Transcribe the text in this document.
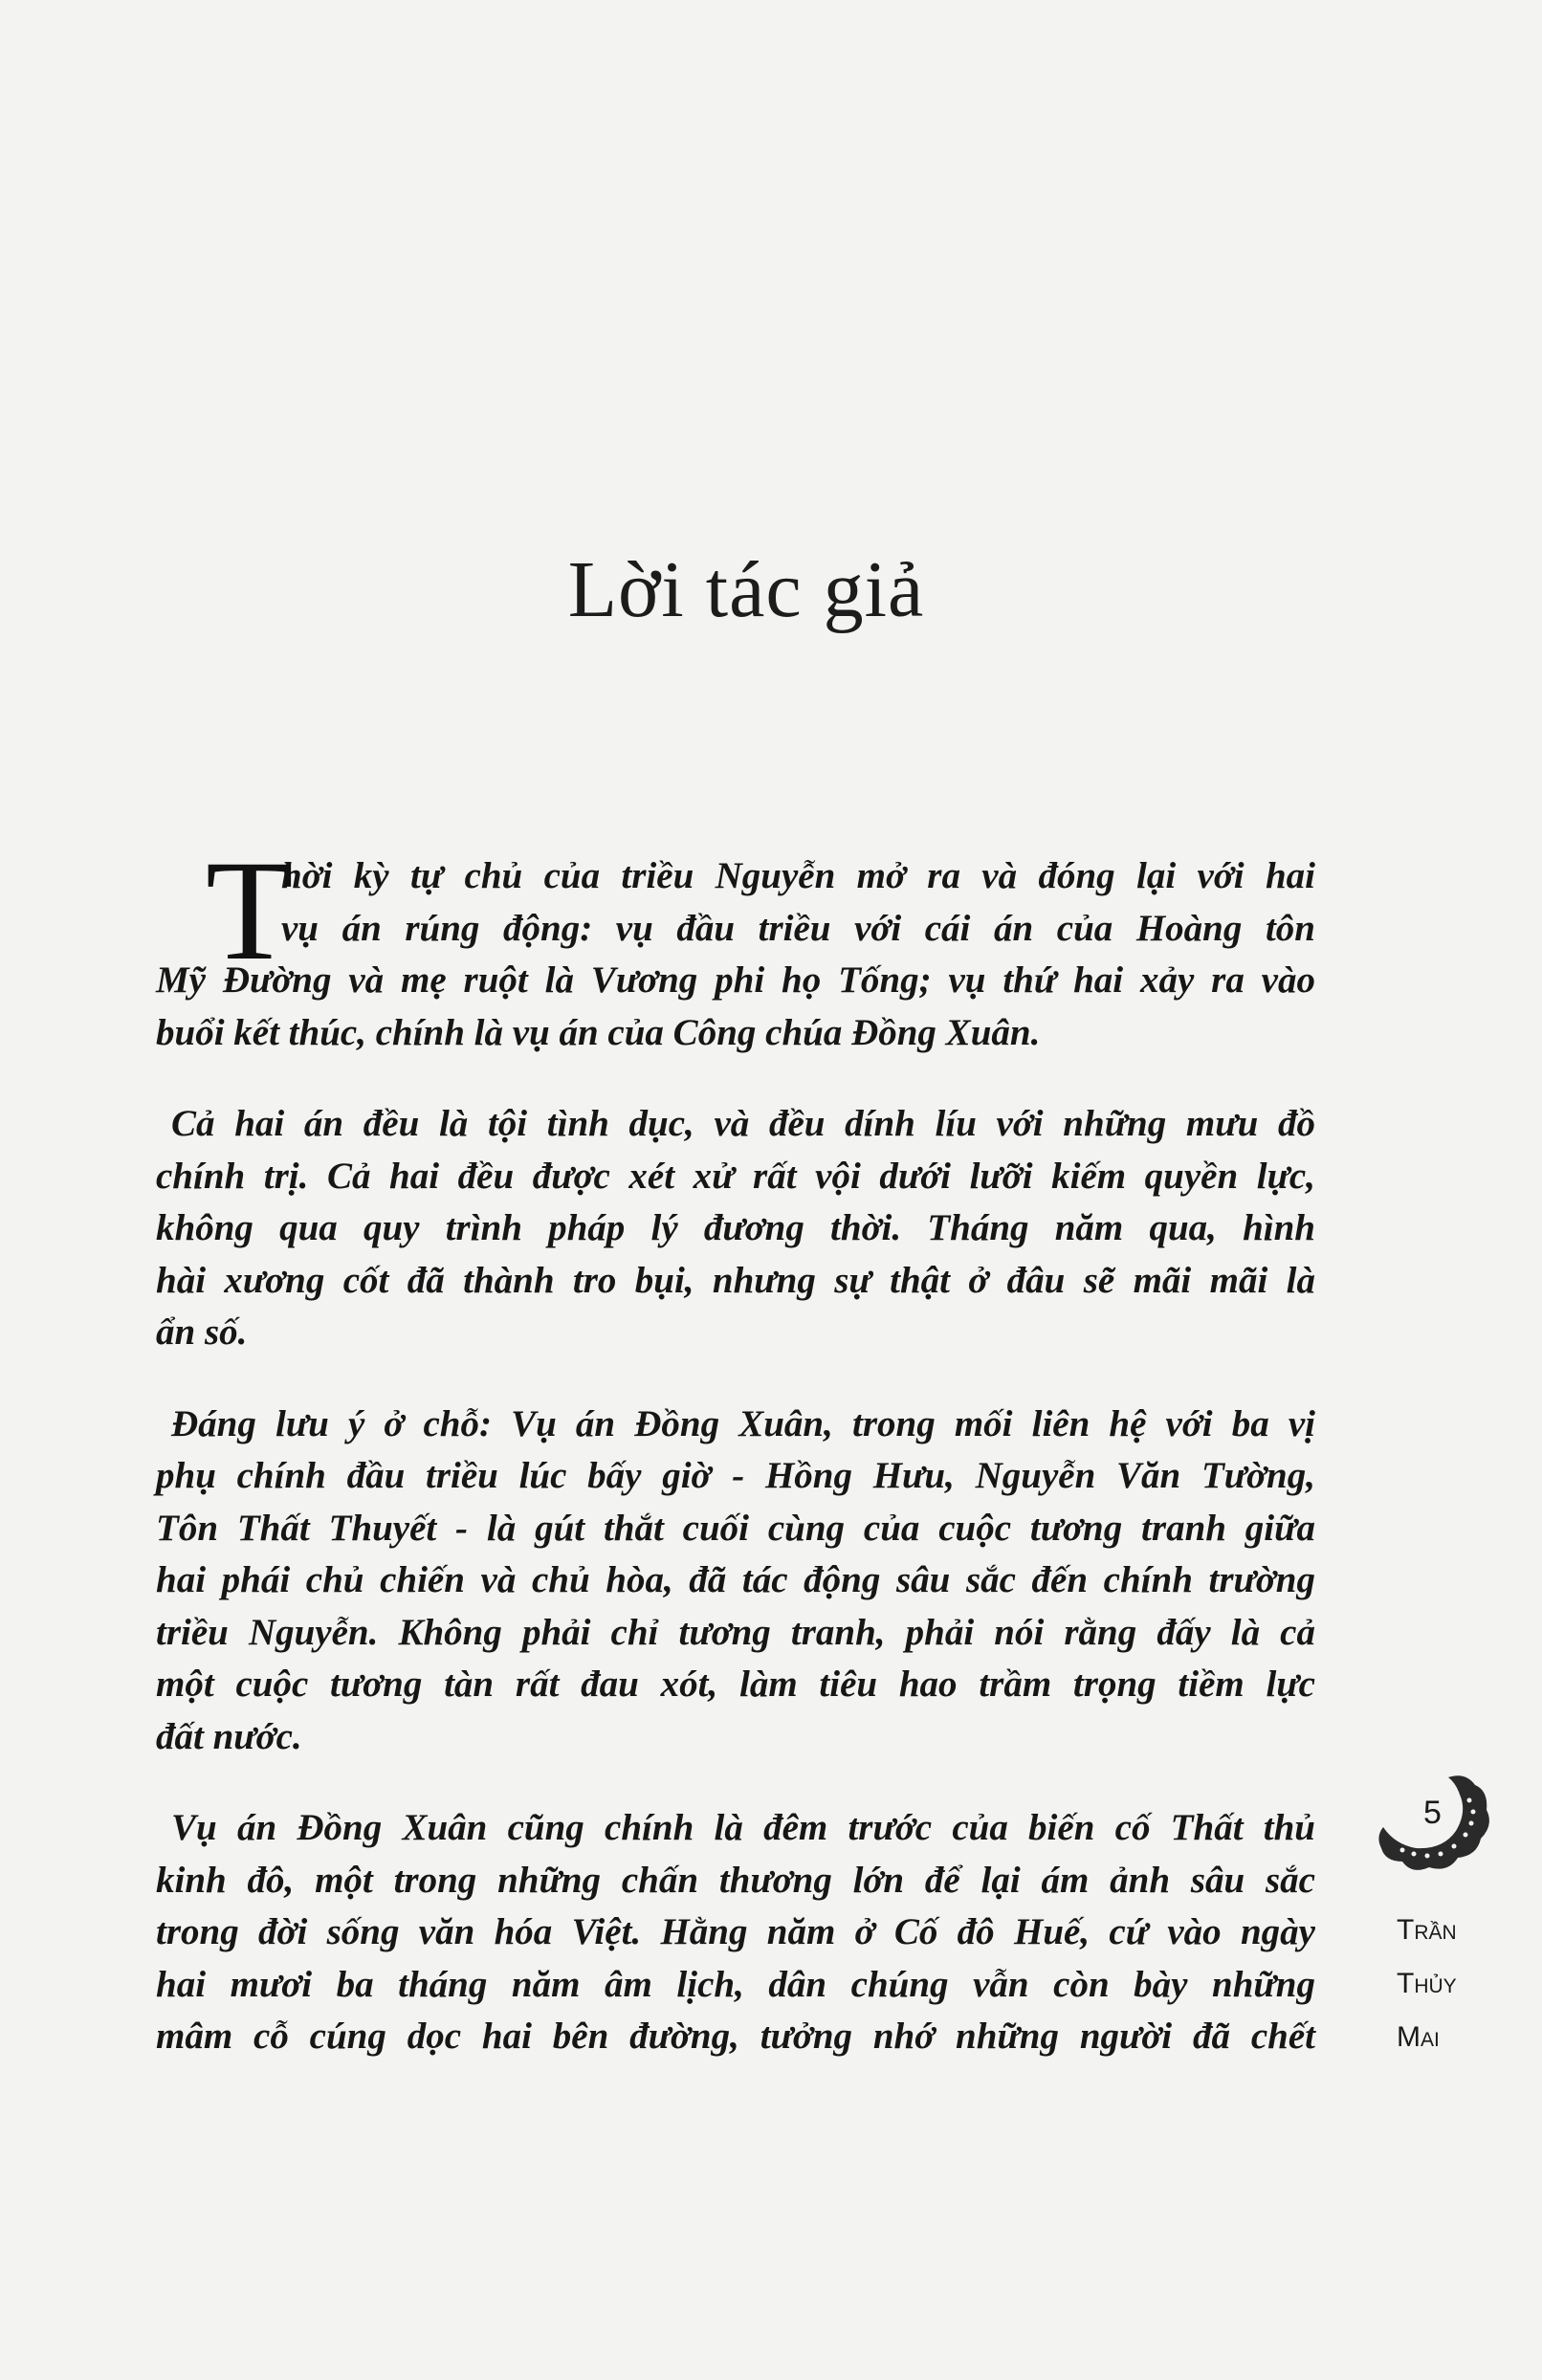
Lời tác giả
T
hời kỳ tự chủ của triều Nguyễn mở ra và đóng lại với hai
vụ án rúng động: vụ đầu triều với cái án của Hoàng tôn
Mỹ Đường và mẹ ruột là Vương phi họ Tống; vụ thứ hai xảy ra vào
buổi kết thúc, chính là vụ án của Công chúa Đồng Xuân.
Cả hai án đều là tội tình dục, và đều dính líu với những mưu đồ
chính trị. Cả hai đều được xét xử rất vội dưới lưỡi kiếm quyền lực,
không qua quy trình pháp lý đương thời. Tháng năm qua, hình
hài xương cốt đã thành tro bụi, nhưng sự thật ở đâu sẽ mãi mãi là
ẩn số.
Đáng lưu ý ở chỗ: Vụ án Đồng Xuân, trong mối liên hệ với ba vị
phụ chính đầu triều lúc bấy giờ - Hồng Hưu, Nguyễn Văn Tường,
Tôn Thất Thuyết - là gút thắt cuối cùng của cuộc tương tranh giữa
hai phái chủ chiến và chủ hòa, đã tác động sâu sắc đến chính trường
triều Nguyễn. Không phải chỉ tương tranh, phải nói rằng đấy là cả
một cuộc tương tàn rất đau xót, làm tiêu hao trầm trọng tiềm lực
đất nước.
Vụ án Đồng Xuân cũng chính là đêm trước của biến cố Thất thủ
kinh đô, một trong những chấn thương lớn để lại ám ảnh sâu sắc
trong đời sống văn hóa Việt. Hằng năm ở Cố đô Huế, cứ vào ngày
hai mươi ba tháng năm âm lịch, dân chúng vẫn còn bày những
mâm cỗ cúng dọc hai bên đường, tưởng nhớ những người đã chết
5
Trần
Thủy
Mai
